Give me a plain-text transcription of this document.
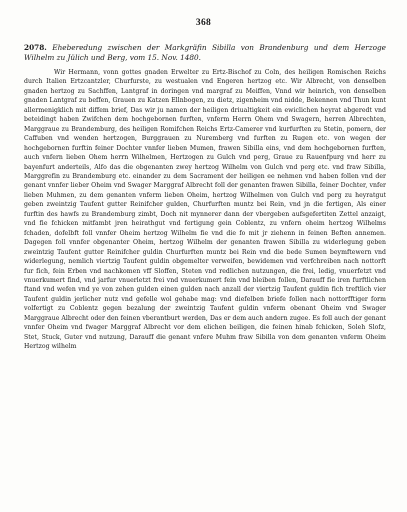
368
2078. Eheberedung zwischen der Markgräfin Sibilla von Brandenburg und dem Herzoge Wilhelm zu Jülich und Berg, vom 15. Nov. 1480.
Wir Hermann, vonn gottes gnaden Erwelter zu Ertz-Bischof zu Coln, des heiligen Romischen Reichs durch Italien Ertzcantzler, Churfurste, zu westualen vnd Engeren hertzog etc. Wir Albrecht, von denselben gnaden hertzog zu Sachffen, Lantgraf in doringen vnd margraf zu Meiffen, Vnnd wir heinrich, von denselben gnaden Lantgraf zu beffen, Grauen zu Katzen Ellnbogen, zu dietz, zigenheim vnd nidde, Bekennen vnd Thun kunt allermenigklich mit diffem brief, Das wir ju namen der heiligen driualtigkeit ein ewiclichen heyrat abgeredt vnd beteidingt haben Zwifchen dem hochgebornen furften, vnferm Herrn Ohem vnd Swagern, herren Albrechten, Marggraue zu Brandemburg, des heiligen Romifchen Reichs Ertz-Camerer vnd kurfurften zu Stetin, pomern, der Caffuben vnd wenden hertzogen, Burggrauen zu Nuremberg vnd furften zu Rugen etc. von wegen der hochgebornen furftin feiner Dochter vnnfer lieben Mumen, frawen Sibilla eins, vnd dem hochgebornen furften, auch vnfern lieben Ohem herrn Wilhelmen, Hertzogen zu Gulch vnd perg, Graue zu Rauenfpurg vnd herr zu bayenfurt anderteils, Alfo das die obgenanten zwey hertzog Wilhelm von Gulch vnd perg etc. vnd fraw Sibilla, Marggrefin zu Brandemburg etc. einander zu dem Sacrament der heiligen ee nehmen vnd haben follen vnd der genant vnnfer lieber Oheim vnd Swager Marggraf Albrecht foll der genanten frawen Sibilla, feiner Dochter, vnfer lieben Muhmen, zu dem genanten vnferm lieben Oheim, hertzog Wilhelmen von Gulch vnd perg zu heyratgut geben zweintzig Taufent gutter Reinifcher gulden, Churfurften muntz bei Rein, vnd jn die fertigen, Als einer furftin des hawfs zu Brandemburg zimbt, Doch nit mynnerer dann der vbergeben aufsgefertiten Zettel anzaigt, vnd fie fchicken mitfambt jren heirathgut vnd fertigung gein Coblentz, zu vnfern oheim hertzog Wilhelms fchaden, dofelbft foll vnnfer Oheim hertzog Wilhelm fie vnd die fo mit jr ziehenn in feinen Beften annemen. Dagegen foll vnnfer obgenanter Oheim, hertzog Wilhelm der genanten frawen Sibilla zu widerlegung geben zweintzig Taufent gutter Reinifcher guldin Churfurften muntz bei Rein vnd die bede Sumen beymftewern vnd widerlegung, nemlich viertzig Taufent guldin obgemelter verweifen, bewidemen vnd verfchreiben nach nottorft fur fich, fein Erben vnd nachkomen vff Sloffen, Steten vnd redlichen nutzungen, die frei, ledig, vnuerfetzt vnd vnuerkumert find, vnd jarfur vnuerletzt frei vnd vnuerkumert fein vnd bleiben follen, Darauff fie iren furftlichen ftand vnd wefen vnd ye von zehen gulden einen gulden nach anzall der viertzig Taufent guldin fich treftlich vier Taufent guldin jerlicher nutz vnd gefelle wol gehabe mag: vnd diefelben briefe follen nach nottorfftiger form volfertigt zu Coblentz gegen bezalung der zweintzig Taufent guldin vnferm obenant Oheim vnd Swager Marggraue Albrecht oder den feinen vberantburt werden, Das er dem auch andern zugee. Es foll auch der genant vnnfer Oheim vnd fwager Marggraf Albrecht vor dem elichen beiligen, die feinen hinab fchicken, Soleh Slofz, Stet, Stuck, Guter vnd nutzung, Darauff die genant vnfere Muhm fraw Sibilla von dem genanten vnferm Oheim Hertzog wilhelm
